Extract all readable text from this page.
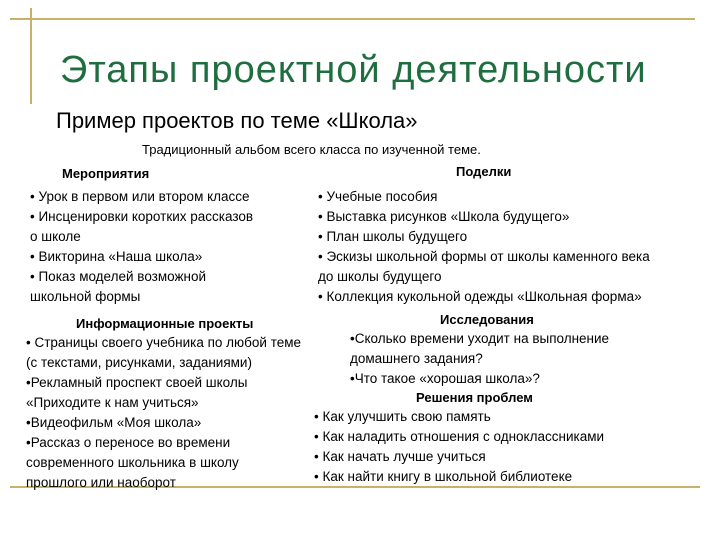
Этапы проектной деятельности
Пример проектов по теме «Школа»
Традиционный альбом всего класса по изученной теме.
Мероприятия
• Урок в первом или втором классе
• Инсценировки коротких рассказов
о школе
• Викторина «Наша школа»
• Показ моделей возможной
школьной формы
Поделки
• Учебные пособия
• Выставка рисунков «Школа будущего»
• План школы будущего
• Эскизы школьной формы от школы каменного века
до школы будущего
• Коллекция кукольной одежды «Школьная форма»
Информационные проекты
• Страницы своего учебника по любой теме
(с текстами, рисунками, заданиями)
•Рекламный проспект своей школы
«Приходите к нам учиться»
•Видеофильм «Моя школа»
•Рассказ о переносе во времени
современного школьника в школу
прошлого или наоборот
Исследования
•Сколько времени уходит на выполнение
домашнего задания?
•Что такое «хорошая школа»?
Решения проблем
• Как улучшить свою память
• Как наладить отношения с одноклассниками
• Как начать лучше учиться
• Как найти книгу в школьной библиотеке
